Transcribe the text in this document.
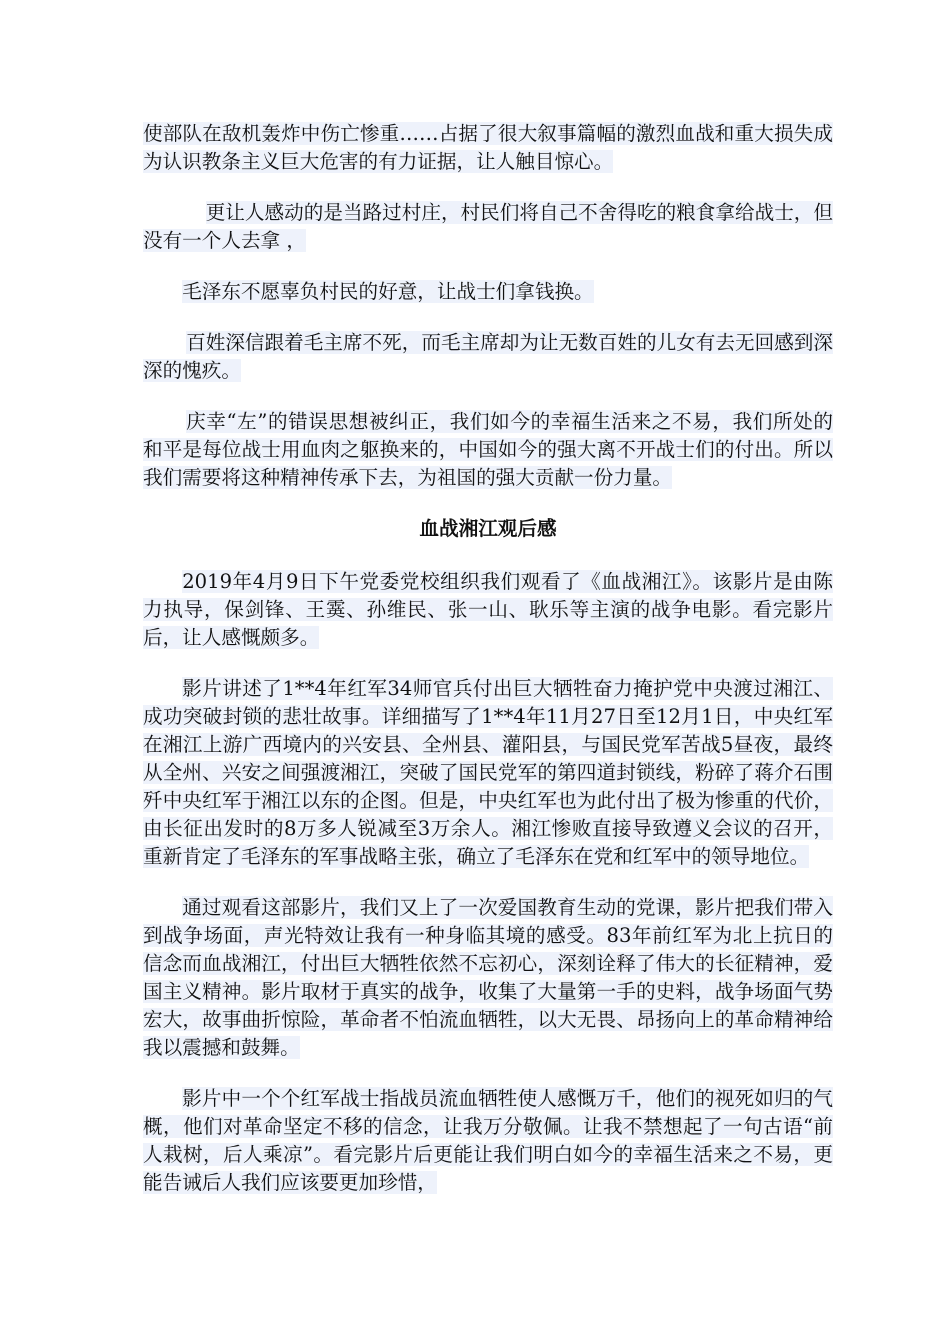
使部队在敌机轰炸中伤亡惨重……占据了很大叙事篇幅的激烈血战和重大损失成为认识教条主义巨大危害的有力证据，让人触目惊心。

更让人感动的是当路过村庄，村民们将自己不舍得吃的粮食拿给战士，但没有一个人去拿 ，

毛泽东不愿辜负村民的好意，让战士们拿钱换。

百姓深信跟着毛主席不死，而毛主席却为让无数百姓的儿女有去无回感到深深的愧疚。

庆幸“左”的错误思想被纠正，我们如今的幸福生活来之不易，我们所处的和平是每位战士用血肉之躯换来的，中国如今的强大离不开战士们的付出。所以我们需要将这种精神传承下去，为祖国的强大贡献一份力量。

血战湘江观后感

2019年4月9日下午党委党校组织我们观看了《血战湘江》。该影片是由陈力执导，保剑锋、王霙、孙维民、张一山、耿乐等主演的战争电影。看完影片后，让人感慨颇多。

影片讲述了1**4年红军34师官兵付出巨大牺牲奋力掩护党中央渡过湘江、成功突破封锁的悲壮故事。详细描写了1**4年11月27日至12月1日，中央红军在湘江上游广西境内的兴安县、全州县、灌阳县，与国民党军苦战5昼夜，最终从全州、兴安之间强渡湘江，突破了国民党军的第四道封锁线，粉碎了蒋介石围歼中央红军于湘江以东的企图。但是，中央红军也为此付出了极为惨重的代价，由长征出发时的8万多人锐减至3万余人。湘江惨败直接导致遵义会议的召开，重新肯定了毛泽东的军事战略主张，确立了毛泽东在党和红军中的领导地位。

通过观看这部影片，我们又上了一次爱国教育生动的党课，影片把我们带入到战争场面，声光特效让我有一种身临其境的感受。83年前红军为北上抗日的信念而血战湘江，付出巨大牺牲依然不忘初心，深刻诠释了伟大的长征精神，爱国主义精神。影片取材于真实的战争，收集了大量第一手的史料，战争场面气势宏大，故事曲折惊险，革命者不怕流血牺牲，以大无畏、昂扬向上的革命精神给我以震撼和鼓舞。

影片中一个个红军战士指战员流血牺牲使人感慨万千，他们的视死如归的气概，他们对革命坚定不移的信念，让我万分敬佩。让我不禁想起了一句古语“前人栽树，后人乘凉”。看完影片后更能让我们明白如今的幸福生活来之不易，更能告诫后人我们应该要更加珍惜，
